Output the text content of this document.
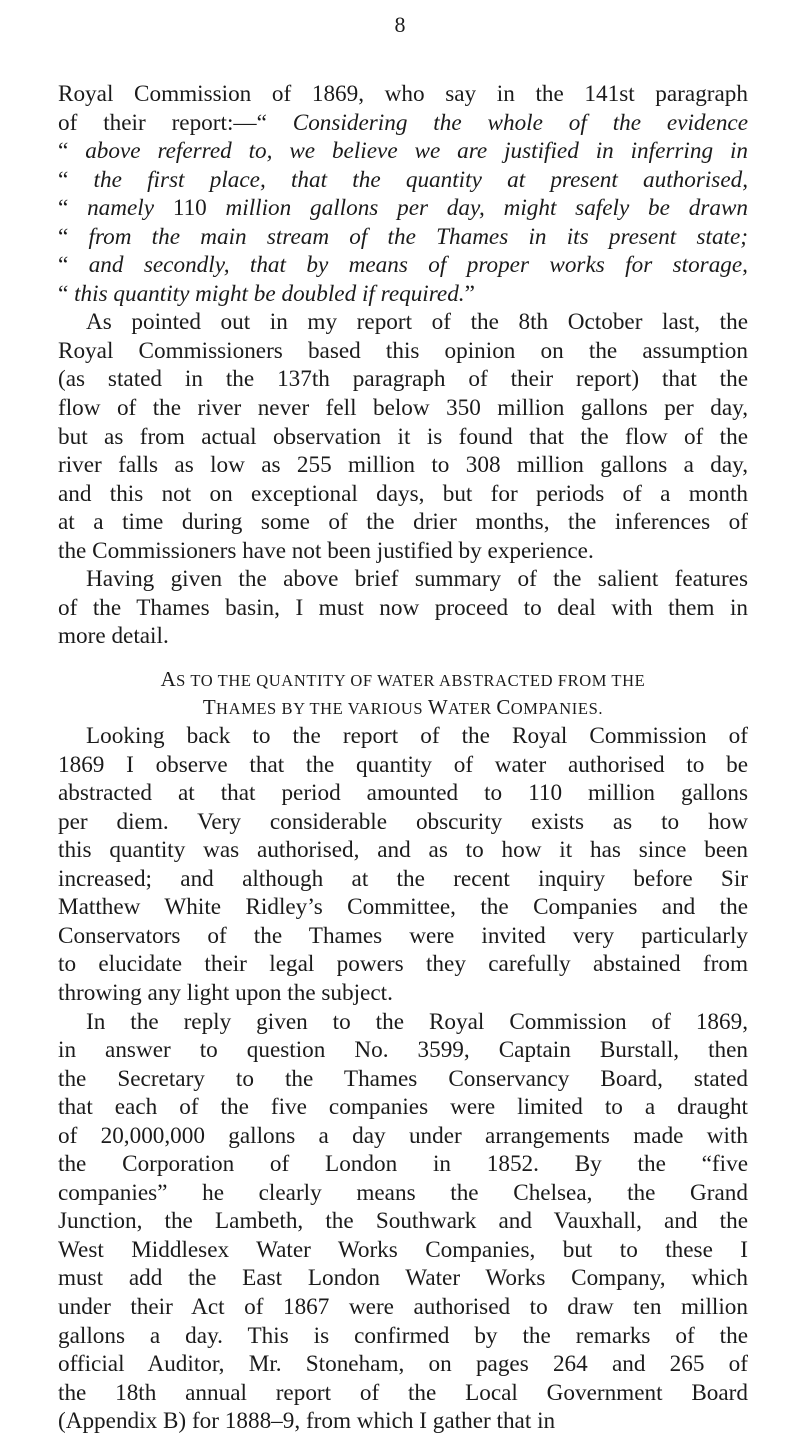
8
Royal Commission of 1869, who say in the 141st paragraph
of their report:—“ Considering the whole of the evidence
“ above referred to, we believe we are justified in inferring in
“ the first place, that the quantity at present authorised,
“ namely 110 million gallons per day, might safely be drawn
“ from the main stream of the Thames in its present state;
“ and secondly, that by means of proper works for storage,
“ this quantity might be doubled if required.”
As pointed out in my report of the 8th October last, the
Royal Commissioners based this opinion on the assumption
(as stated in the 137th paragraph of their report) that the
flow of the river never fell below 350 million gallons per day,
but as from actual observation it is found that the flow of the
river falls as low as 255 million to 308 million gallons a day,
and this not on exceptional days, but for periods of a month
at a time during some of the drier months, the inferences of
the Commissioners have not been justified by experience.
Having given the above brief summary of the salient features
of the Thames basin, I must now proceed to deal with them in
more detail.
AS TO THE QUANTITY OF WATER ABSTRACTED FROM THE
THAMES BY THE VARIOUS WATER COMPANIES.
Looking back to the report of the Royal Commission of
1869 I observe that the quantity of water authorised to be
abstracted at that period amounted to 110 million gallons
per diem. Very considerable obscurity exists as to how
this quantity was authorised, and as to how it has since been
increased; and although at the recent inquiry before Sir
Matthew White Ridley’s Committee, the Companies and the
Conservators of the Thames were invited very particularly
to elucidate their legal powers they carefully abstained from
throwing any light upon the subject.
In the reply given to the Royal Commission of 1869,
in answer to question No. 3599, Captain Burstall, then
the Secretary to the Thames Conservancy Board, stated
that each of the five companies were limited to a draught
of 20,000,000 gallons a day under arrangements made with
the Corporation of London in 1852. By the “five
companies” he clearly means the Chelsea, the Grand
Junction, the Lambeth, the Southwark and Vauxhall, and the
West Middlesex Water Works Companies, but to these I
must add the East London Water Works Company, which
under their Act of 1867 were authorised to draw ten million
gallons a day. This is confirmed by the remarks of the
official Auditor, Mr. Stoneham, on pages 264 and 265 of
the 18th annual report of the Local Government Board
(Appendix B) for 1888–9, from which I gather that in
